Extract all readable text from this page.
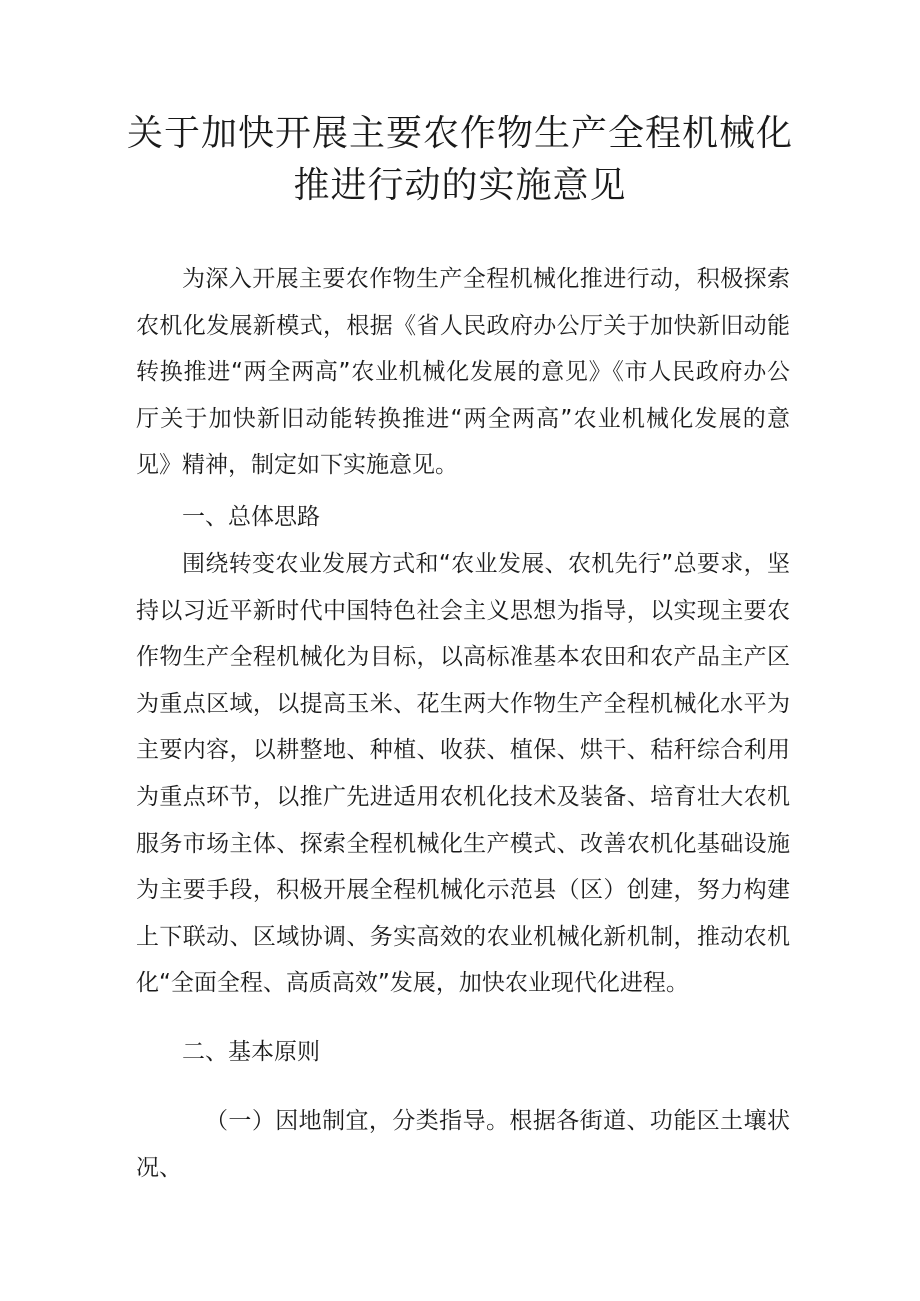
关于加快开展主要农作物生产全程机械化
推进行动的实施意见

为深入开展主要农作物生产全程机械化推进行动，积极探索农机化发展新模式，根据《省人民政府办公厅关于加快新旧动能转换推进“两全两高”农业机械化发展的意见》《市人民政府办公厅关于加快新旧动能转换推进“两全两高”农业机械化发展的意见》精神，制定如下实施意见。

一、总体思路

围绕转变农业发展方式和“农业发展、农机先行”总要求，坚持以习近平新时代中国特色社会主义思想为指导，以实现主要农作物生产全程机械化为目标，以高标准基本农田和农产品主产区为重点区域，以提高玉米、花生两大作物生产全程机械化水平为主要内容，以耕整地、种植、收获、植保、烘干、秸秆综合利用为重点环节，以推广先进适用农机化技术及装备、培育壮大农机服务市场主体、探索全程机械化生产模式、改善农机化基础设施为主要手段，积极开展全程机械化示范县（区）创建，努力构建上下联动、区域协调、务实高效的农业机械化新机制，推动农机化“全面全程、高质高效”发展，加快农业现代化进程。

二、基本原则

（一）因地制宜，分类指导。根据各街道、功能区土壤状况、
